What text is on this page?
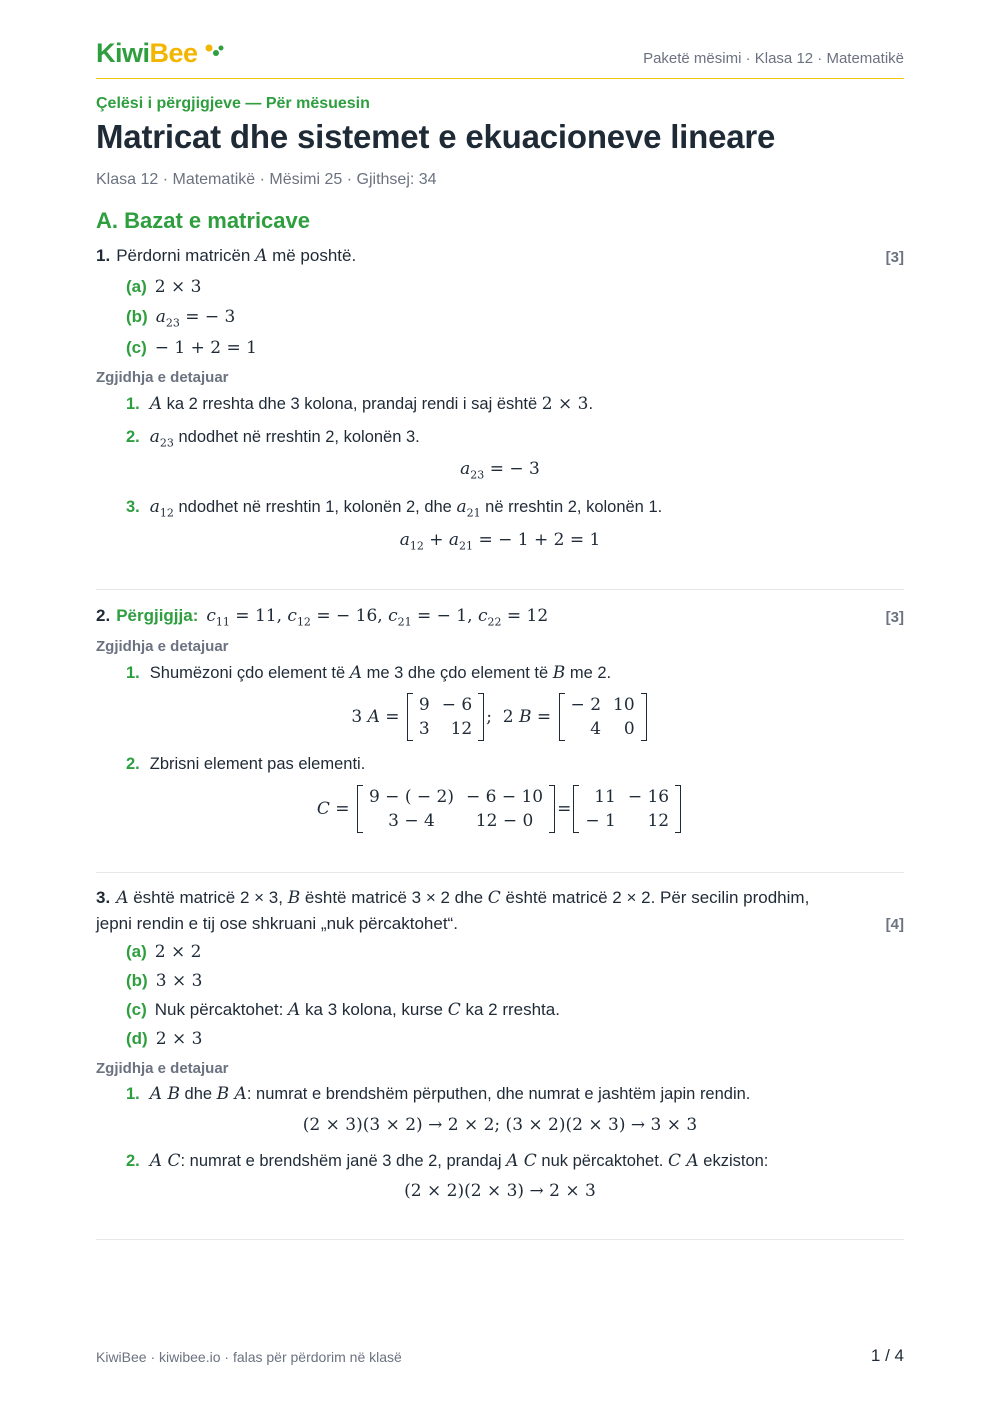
KiwiBee	Paketë mësimi · Klasa 12 · Matematikë
Çelësi i përgjigjeve — Për mësuesin
Matricat dhe sistemet e ekuacioneve lineare
Klasa 12 · Matematikë · Mësimi 25 · Gjithsej: 34
A. Bazat e matricave
1. Përdorni matricën A më poshtë.	[3]
(a) 2 × 3
(b) $a_{23}$ = − 3
(c) − 1 + 2 = 1
Zgjidhja e detajuar
1. A ka 2 rreshta dhe 3 kolona, prandaj rendi i saj është 2 × 3.
2. $a_{23}$ ndodhet në rreshtin 2, kolonën 3.
$a_{23}$ = − 3
3. $a_{12}$ ndodhet në rreshtin 1, kolonën 2, dhe $a_{21}$ në rreshtin 2, kolonën 1.
$a_{12} + a_{21}$ = − 1 + 2 = 1
2. Përgjigjja: $c_{11} = 11$, $c_{12}$ = − 16, $c_{21}$ = − 1, $c_{22} = 12$	[3]
Zgjidhja e detajuar
1. Shumëzoni çdo element të A me 3 dhe çdo element të B me 2.
3 A =
9	− 6
3	12
;  2 B =
− 2	10
4	0
2. Zbrisni element pas elementi.
C =
9 − ( − 2)	− 6 − 10
3 − 4	12 − 0
=
11	− 16
− 1	12
3. A është matricë 2 × 3, B është matricë 3 × 2 dhe C është matricë 2 × 2. Për secilin prodhim,
jepni rendin e tij ose shkruani „nuk përcaktohet“.	[4]
(a) 2 × 2
(b) 3 × 3
(c) Nuk përcaktohet: A ka 3 kolona, kurse C ka 2 rreshta.
(d) 2 × 3
Zgjidhja e detajuar
1. A B dhe B A: numrat e brendshëm përputhen, dhe numrat e jashtëm japin rendin.
(2 × 3)(3 × 2) → 2 × 2; (3 × 2)(2 × 3) → 3 × 3
2. A C: numrat e brendshëm janë 3 dhe 2, prandaj A C nuk përcaktohet. C A ekziston:
(2 × 2)(2 × 3) → 2 × 3
KiwiBee · kiwibee.io · falas për përdorim në klasë	1 / 4
